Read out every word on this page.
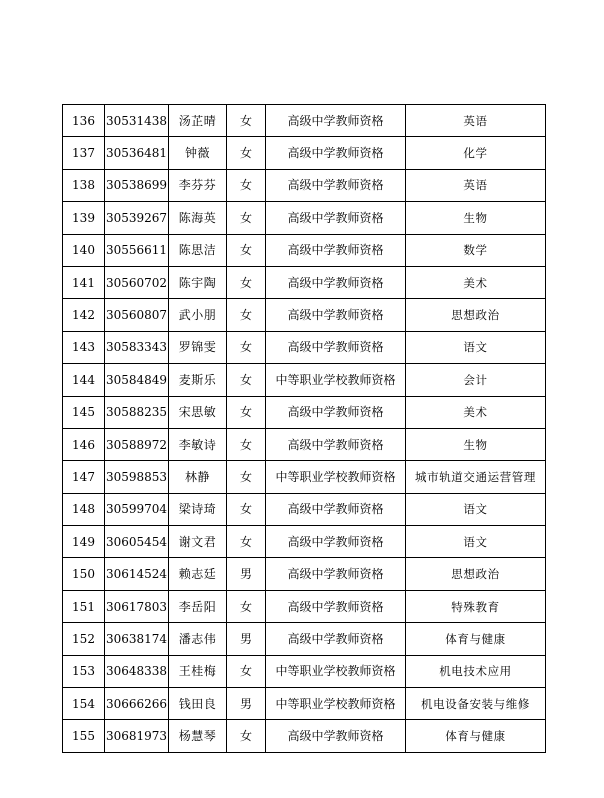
136	30531438	汤芷晴	女	高级中学教师资格	英语
137	30536481	钟薇	女	高级中学教师资格	化学
138	30538699	李芬芬	女	高级中学教师资格	英语
139	30539267	陈海英	女	高级中学教师资格	生物
140	30556611	陈思洁	女	高级中学教师资格	数学
141	30560702	陈宇陶	女	高级中学教师资格	美术
142	30560807	武小朋	女	高级中学教师资格	思想政治
143	30583343	罗锦雯	女	高级中学教师资格	语文
144	30584849	麦斯乐	女	中等职业学校教师资格	会计
145	30588235	宋思敏	女	高级中学教师资格	美术
146	30588972	李敏诗	女	高级中学教师资格	生物
147	30598853	林静	女	中等职业学校教师资格	城市轨道交通运营管理
148	30599704	梁诗琦	女	高级中学教师资格	语文
149	30605454	谢文君	女	高级中学教师资格	语文
150	30614524	赖志廷	男	高级中学教师资格	思想政治
151	30617803	李岳阳	女	高级中学教师资格	特殊教育
152	30638174	潘志伟	男	高级中学教师资格	体育与健康
153	30648338	王桂梅	女	中等职业学校教师资格	机电技术应用
154	30666266	钱田良	男	中等职业学校教师资格	机电设备安装与维修
155	30681973	杨慧琴	女	高级中学教师资格	体育与健康
